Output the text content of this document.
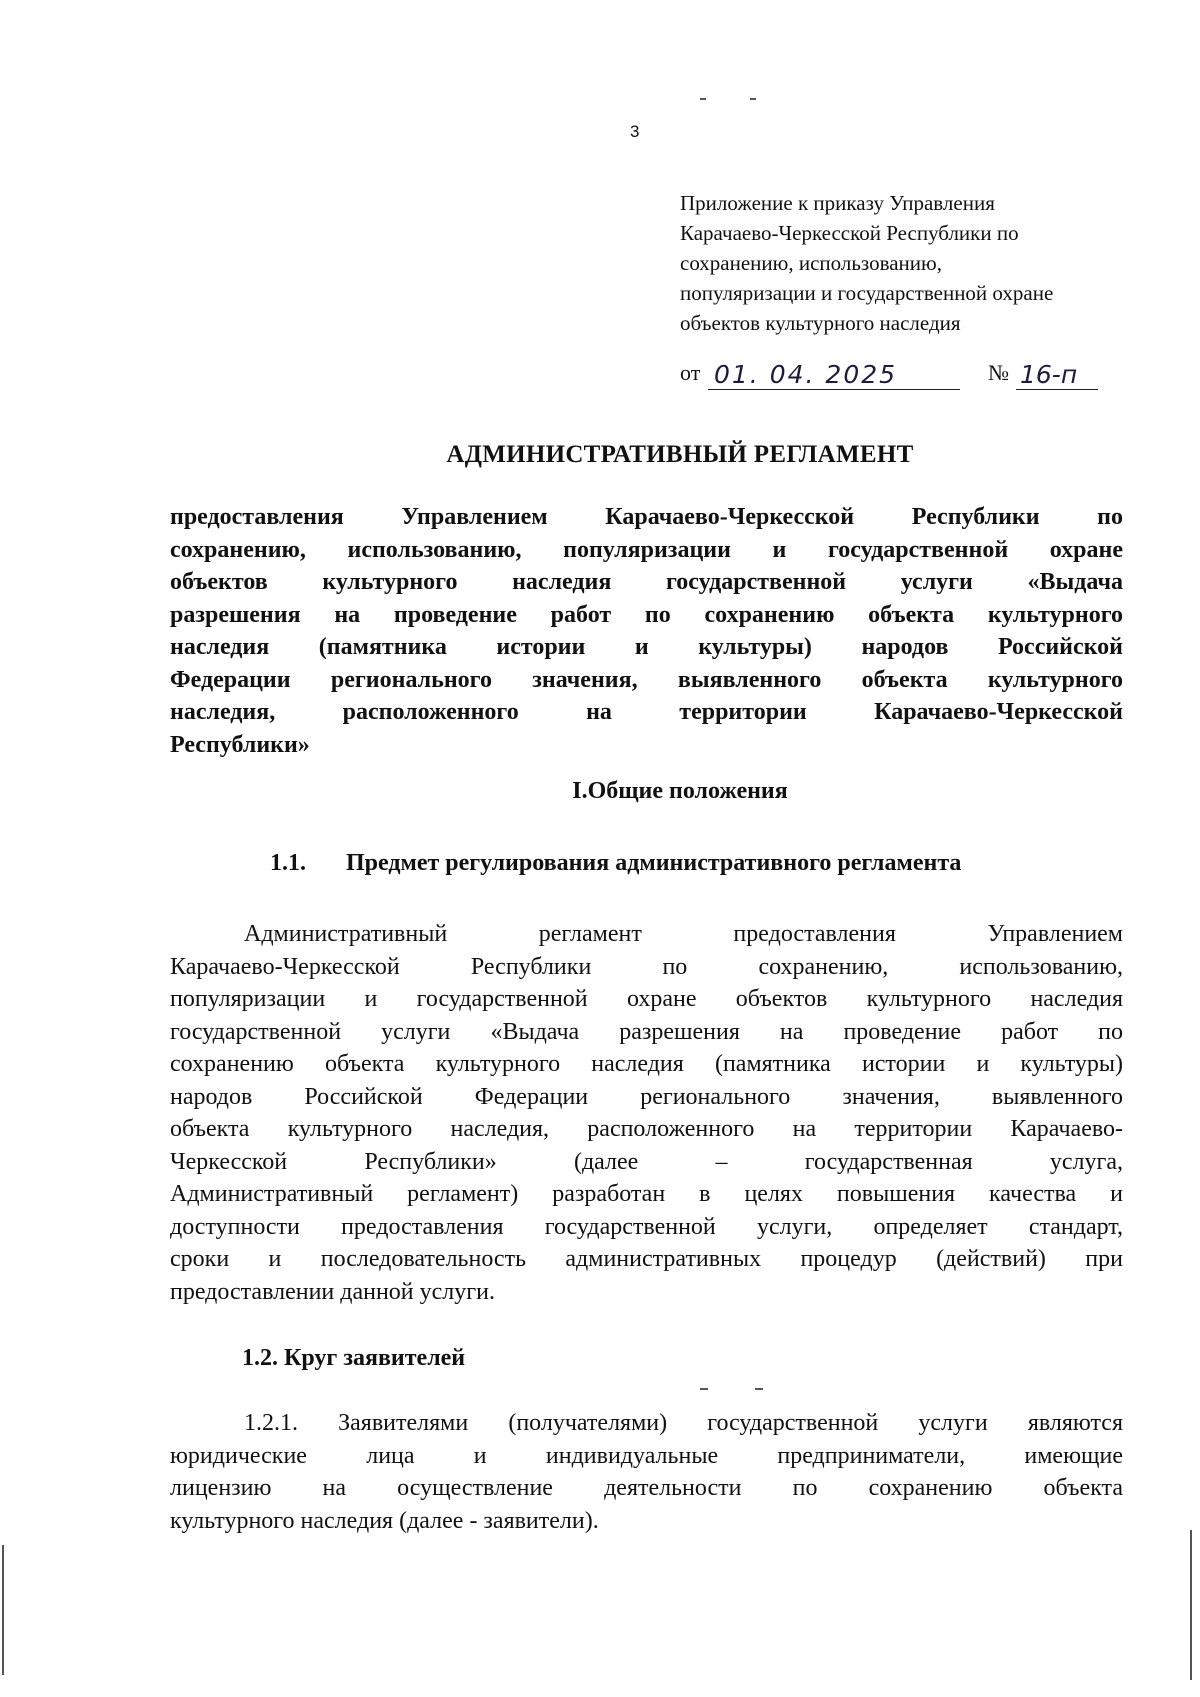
3
Приложение к приказу Управления
Карачаево-Черкесской Республики по
сохранению, использованию,
популяризации и государственной охране
объектов культурного наследия
от 01. 04. 2025	№ 16-п
АДМИНИСТРАТИВНЫЙ РЕГЛАМЕНТ
предоставления Управлением Карачаево-Черкесской Республики по
сохранению, использованию, популяризации и государственной охране
объектов культурного наследия государственной услуги «Выдача
разрешения на проведение работ по сохранению объекта культурного
наследия (памятника истории и культуры) народов Российской
Федерации регионального значения, выявленного объекта культурного
наследия, расположенного на территории Карачаево-Черкесской
Республики»
I.Общие положения
1.1. Предмет регулирования административного регламента
Административный регламент предоставления Управлением
Карачаево-Черкесской Республики по сохранению, использованию,
популяризации и государственной охране объектов культурного наследия
государственной услуги «Выдача разрешения на проведение работ по
сохранению объекта культурного наследия (памятника истории и культуры)
народов Российской Федерации регионального значения, выявленного
объекта культурного наследия, расположенного на территории Карачаево-
Черкесской Республики» (далее – государственная услуга,
Административный регламент) разработан в целях повышения качества и
доступности предоставления государственной услуги, определяет стандарт,
сроки и последовательность административных процедур (действий) при
предоставлении данной услуги.
1.2. Круг заявителей
1.2.1. Заявителями (получателями) государственной услуги являются
юридические лица и индивидуальные предприниматели, имеющие
лицензию на осуществление деятельности по сохранению объекта
культурного наследия (далее - заявители).
